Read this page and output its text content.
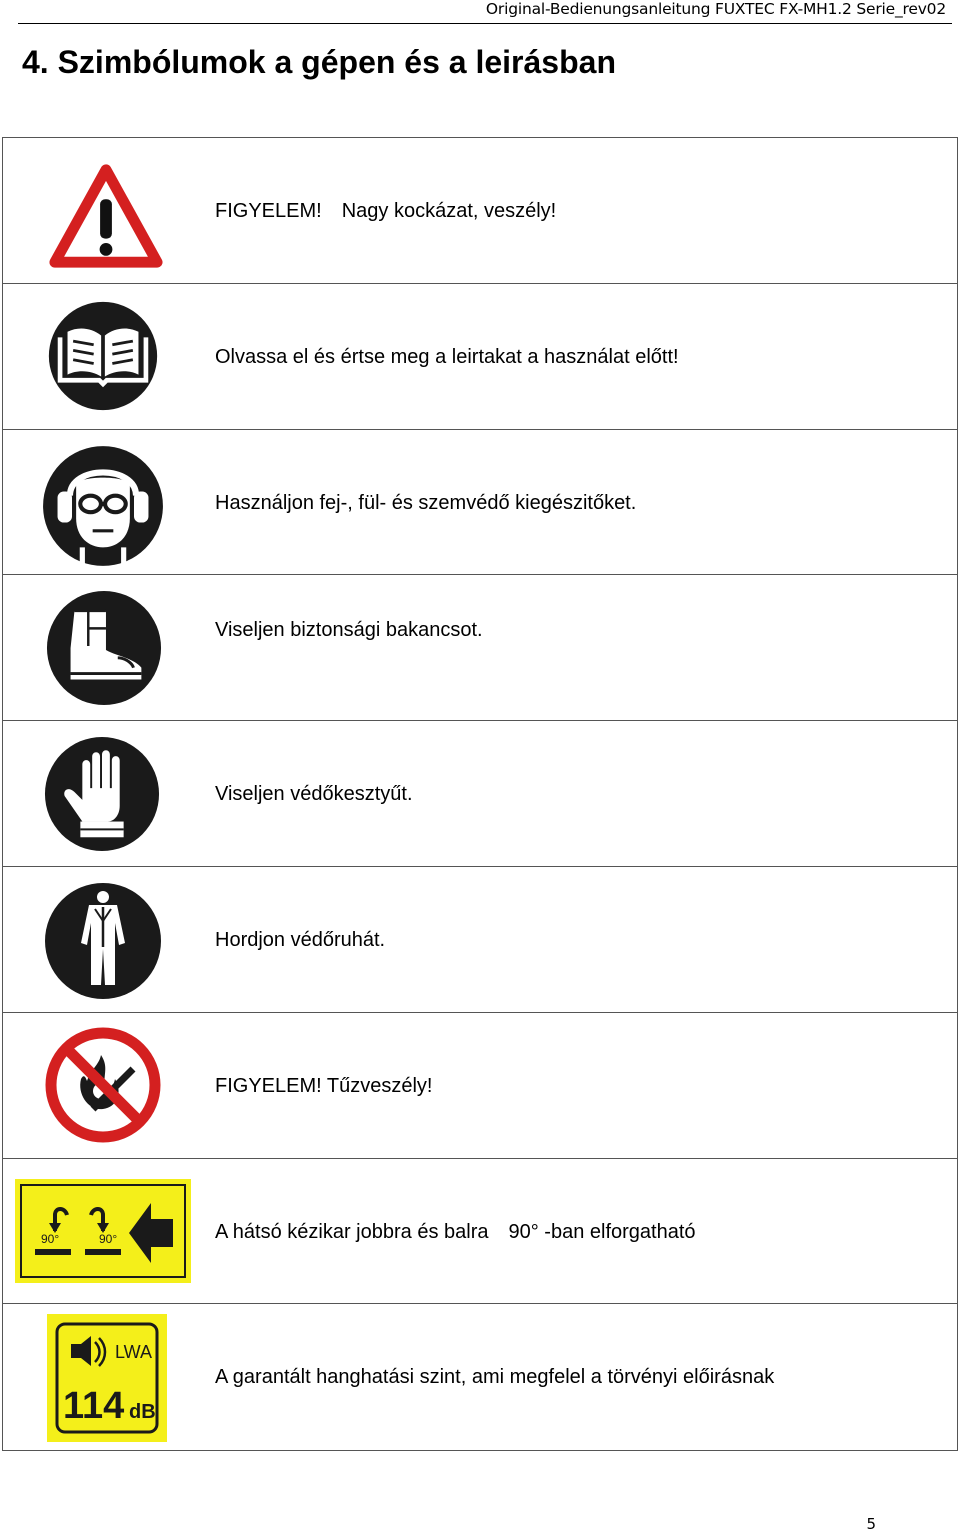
Original-Bedienungsanleitung FUXTEC FX-MH1.2 Serie_rev02
4. Szimbólumok a gépen és a leirásban
FIGYELEM! Nagy kockázat, veszély!
Olvassa el és értse meg a leirtakat a használat előtt!
Használjon fej-, fül- és szemvédő kiegészitőket.
Viseljen biztonsági bakancsot.
Viseljen védőkesztyűt.
Hordjon védőruhát.
FIGYELEM! Tűzveszély!
90°	90°	A hátsó kézikar jobbra és balra 90° -ban elforgatható
LWA
114 dB
A garantált hanghatási szint, ami megfelel a törvényi előirásnak
5
